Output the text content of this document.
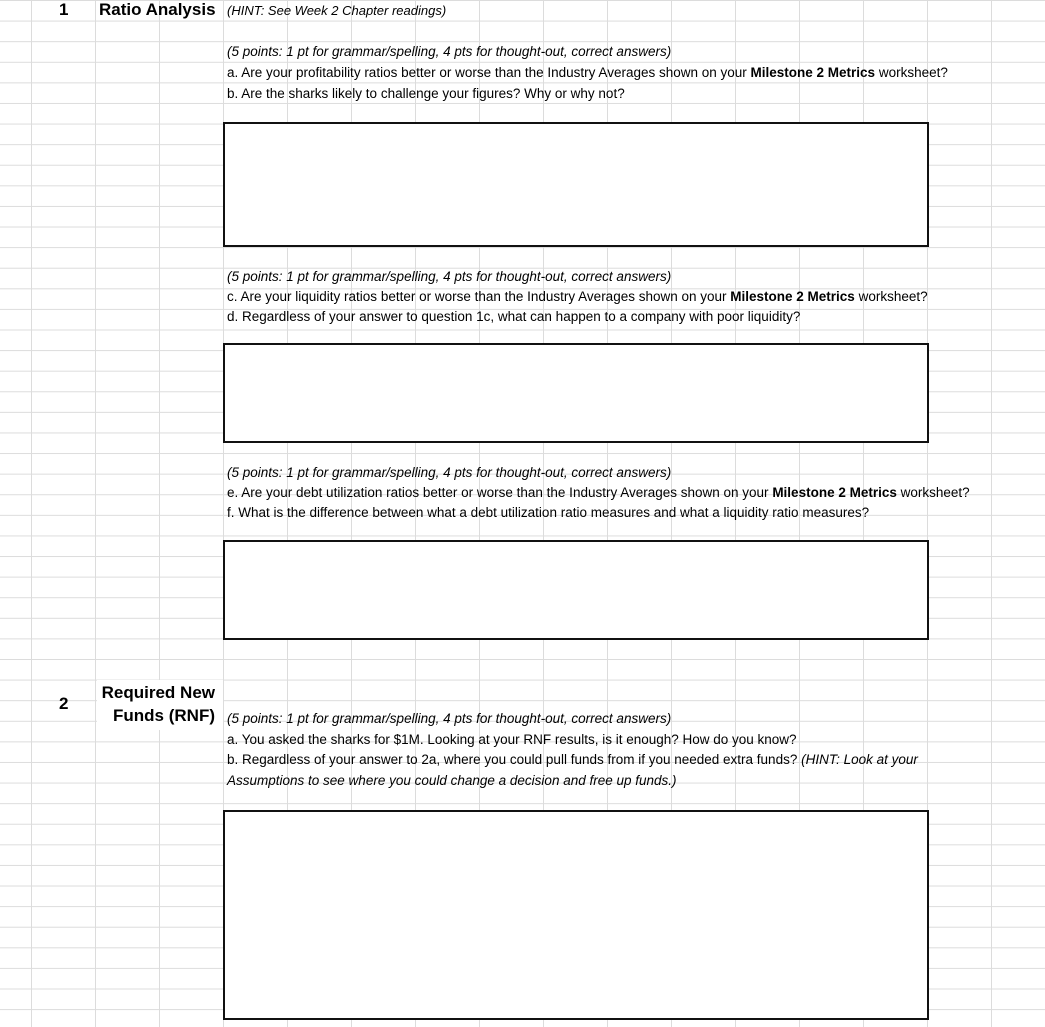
1 Ratio Analysis (HINT: See Week 2 Chapter readings)
(5 points: 1 pt for grammar/spelling, 4 pts for thought-out, correct answers)
a. Are your profitability ratios better or worse than the Industry Averages shown on your Milestone 2 Metrics worksheet?
b. Are the sharks likely to challenge your figures? Why or why not?
(5 points: 1 pt for grammar/spelling, 4 pts for thought-out, correct answers)
c. Are your liquidity ratios better or worse than the Industry Averages shown on your Milestone 2 Metrics worksheet?
d. Regardless of your answer to question 1c, what can happen to a company with poor liquidity?
(5 points: 1 pt for grammar/spelling, 4 pts for thought-out, correct answers)
e. Are your debt utilization ratios better or worse than the Industry Averages shown on your Milestone 2 Metrics worksheet?
f. What is the difference between what a debt utilization ratio measures and what a liquidity ratio measures?
2
Required New
Funds (RNF) (5 points: 1 pt for grammar/spelling, 4 pts for thought-out, correct answers)
a. You asked the sharks for $1M. Looking at your RNF results, is it enough? How do you know?
b. Regardless of your answer to 2a, where you could pull funds from if you needed extra funds? (HINT: Look at your
Assumptions to see where you could change a decision and free up funds.)
